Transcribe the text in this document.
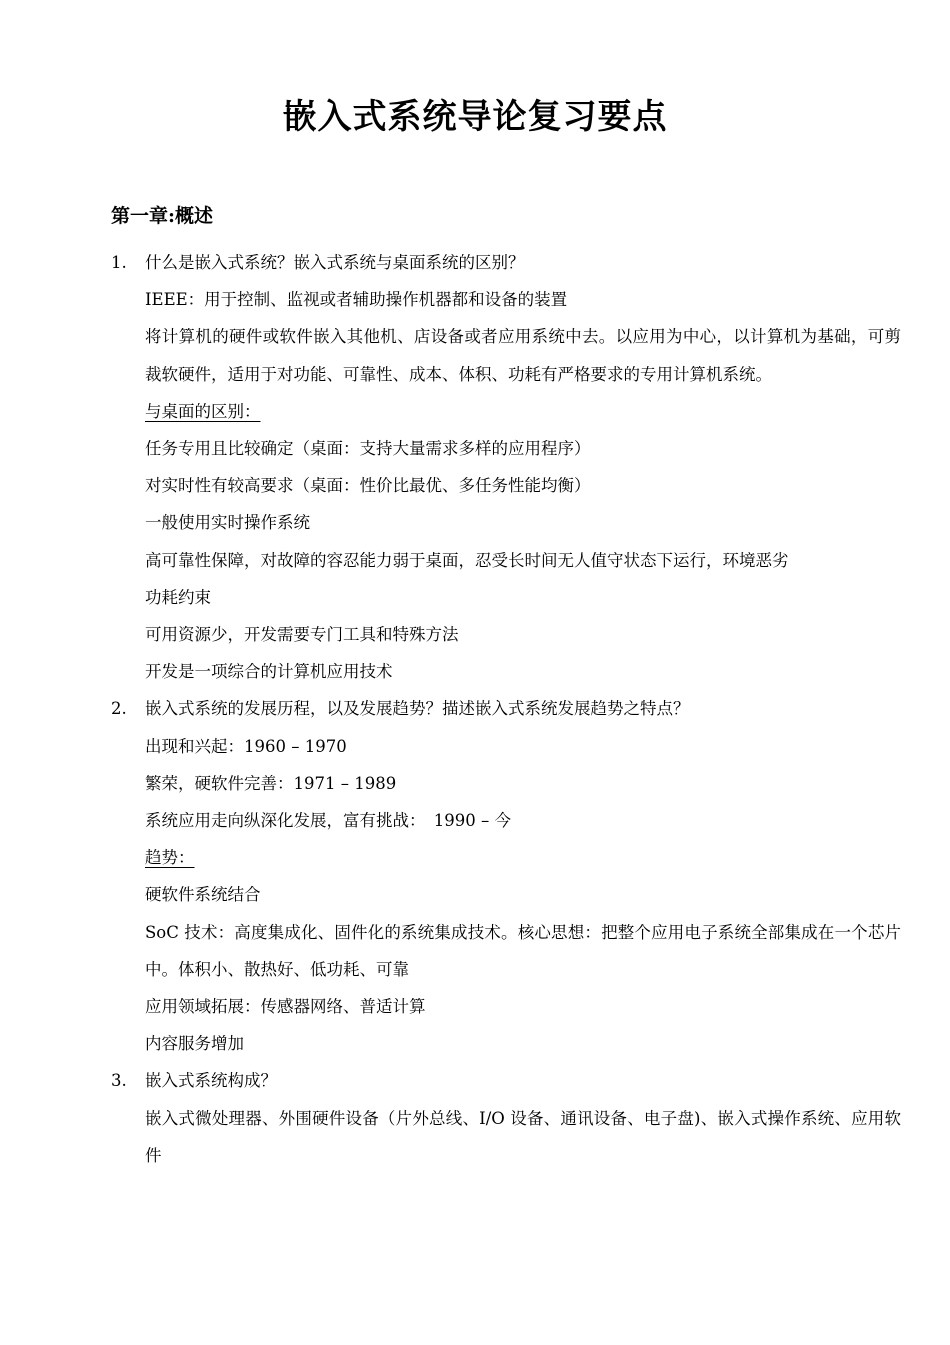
嵌入式系统导论复习要点
第一章:概述
1. 什么是嵌入式系统？嵌入式系统与桌面系统的区别？
IEEE：用于控制、监视或者辅助操作机器都和设备的装置
将计算机的硬件或软件嵌入其他机、店设备或者应用系统中去。以应用为中心，以计算机为基础，可剪裁软硬件，适用于对功能、可靠性、成本、体积、功耗有严格要求的专用计算机系统。
与桌面的区别：
任务专用且比较确定（桌面：支持大量需求多样的应用程序）
对实时性有较高要求（桌面：性价比最优、多任务性能均衡）
一般使用实时操作系统
高可靠性保障，对故障的容忍能力弱于桌面，忍受长时间无人值守状态下运行，环境恶劣
功耗约束
可用资源少，开发需要专门工具和特殊方法
开发是一项综合的计算机应用技术
2. 嵌入式系统的发展历程，以及发展趋势？描述嵌入式系统发展趋势之特点？
出现和兴起：1960 – 1970
繁荣，硬软件完善：1971 – 1989
系统应用走向纵深化发展，富有挑战：　1990 – 今
趋势：
硬软件系统结合
SoC 技术：高度集成化、固件化的系统集成技术。核心思想：把整个应用电子系统全部集成在一个芯片中。体积小、散热好、低功耗、可靠
应用领域拓展：传感器网络、普适计算
内容服务增加
3. 嵌入式系统构成？
嵌入式微处理器、外围硬件设备（片外总线、I/O 设备、通讯设备、电子盘)、嵌入式操作系统、应用软件
